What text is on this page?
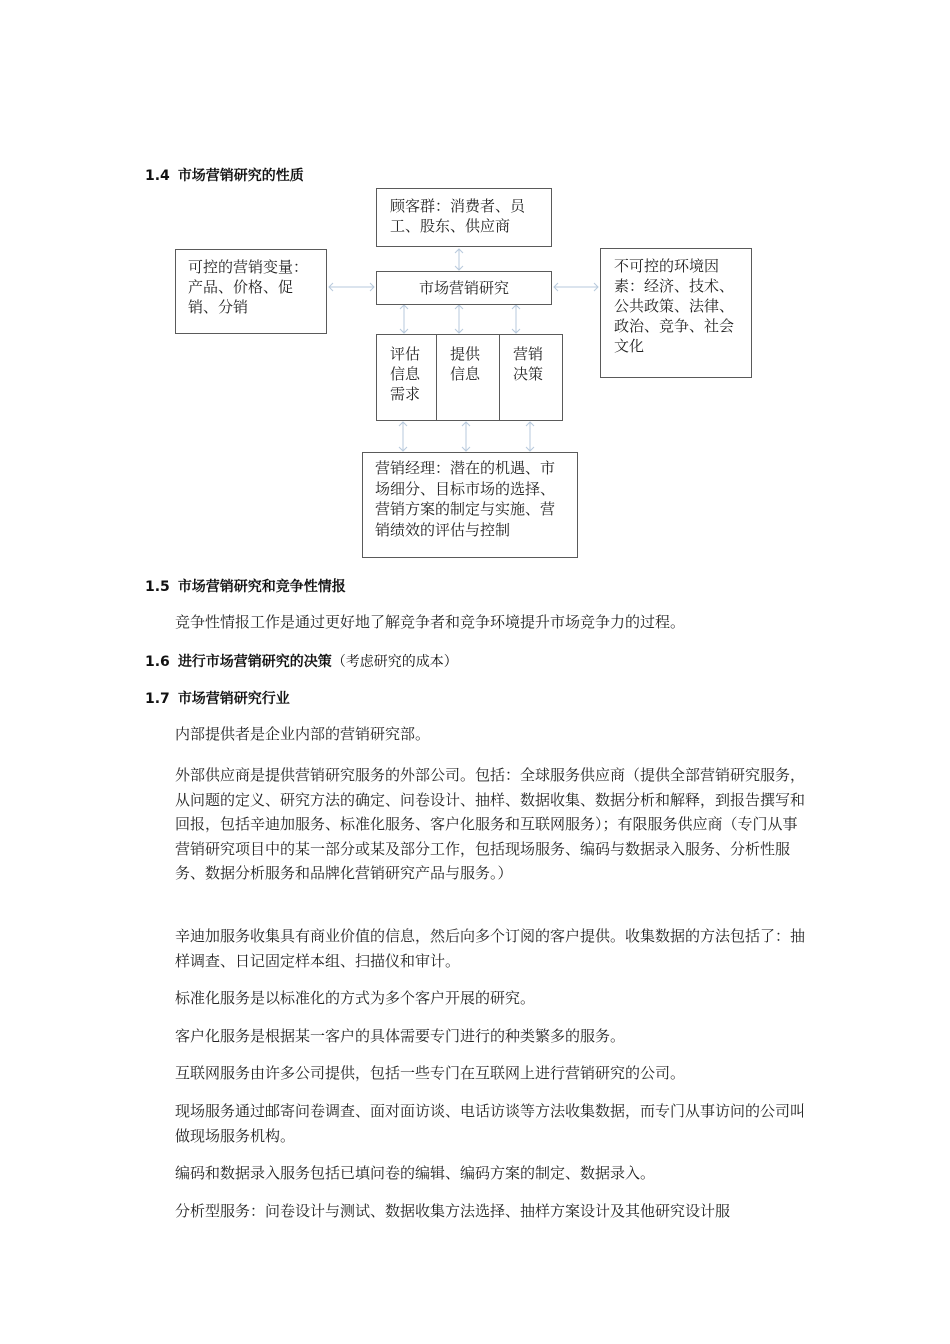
1.4 市场营销研究的性质
顾客群：消费者、员工、股东、供应商
可控的营销变量：产品、价格、促销、分销
市场营销研究
不可控的环境因素：经济、技术、公共政策、法律、政治、竞争、社会文化
评估信息需求
提供信息
营销决策
营销经理：潜在的机遇、市场细分、目标市场的选择、营销方案的制定与实施、营销绩效的评估与控制
1.5 市场营销研究和竞争性情报
竞争性情报工作是通过更好地了解竞争者和竞争环境提升市场竞争力的过程。
1.6 进行市场营销研究的决策（考虑研究的成本）
1.7 市场营销研究行业
内部提供者是企业内部的营销研究部。
外部供应商是提供营销研究服务的外部公司。包括：全球服务供应商（提供全部营销研究服务，从问题的定义、研究方法的确定、问卷设计、抽样、数据收集、数据分析和解释，到报告撰写和回报，包括辛迪加服务、标准化服务、客户化服务和互联网服务）；有限服务供应商（专门从事营销研究项目中的某一部分或某及部分工作，包括现场服务、编码与数据录入服务、分析性服务、数据分析服务和品牌化营销研究产品与服务。）
辛迪加服务收集具有商业价值的信息，然后向多个订阅的客户提供。收集数据的方法包括了：抽样调查、日记固定样本组、扫描仪和审计。
标准化服务是以标准化的方式为多个客户开展的研究。
客户化服务是根据某一客户的具体需要专门进行的种类繁多的服务。
互联网服务由许多公司提供，包括一些专门在互联网上进行营销研究的公司。
现场服务通过邮寄问卷调查、面对面访谈、电话访谈等方法收集数据，而专门从事访问的公司叫做现场服务机构。
编码和数据录入服务包括已填问卷的编辑、编码方案的制定、数据录入。
分析型服务：问卷设计与测试、数据收集方法选择、抽样方案设计及其他研究设计服
